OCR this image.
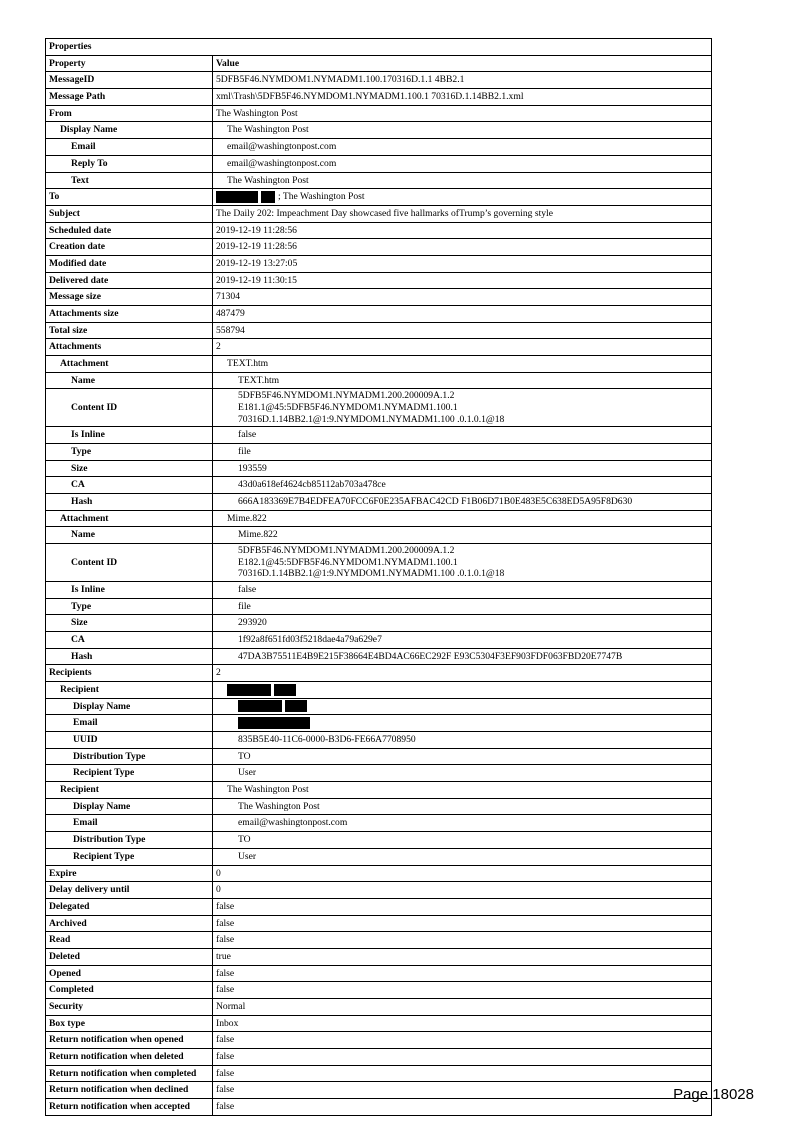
Properties	
Property	Value
MessageID	5DFB5F46.NYMDOM1.NYMADM1.100.170316D.1.1 4BB2.1
Message Path	xml\Trash\5DFB5F46.NYMDOM1.NYMADM1.100.1 70316D.1.14BB2.1.xml
From	The Washington Post
Display Name	The Washington Post
Email	email@washingtonpost.com
Reply To	email@washingtonpost.com
Text	The Washington Post
To	; The Washington Post
Subject	The Daily 202: Impeachment Day showcased five hallmarks ofTrump’s governing style
Scheduled date	2019-12-19 11:28:56
Creation date	2019-12-19 11:28:56
Modified date	2019-12-19 13:27:05
Delivered date	2019-12-19 11:30:15
Message size	71304
Attachments size	487479
Total size	558794
Attachments	2
Attachment	TEXT.htm
Name	TEXT.htm
Content ID	5DFB5F46.NYMDOM1.NYMADM1.200.200009A.1.2
E181.1@45:5DFB5F46.NYMDOM1.NYMADM1.100.1
70316D.1.14BB2.1@1:9.NYMDOM1.NYMADM1.100 .0.1.0.1@18

Is Inline	false
Type	file
Size	193559
CA	43d0a618ef4624cb85112ab703a478ce
Hash	666A183369E7B4EDFEA70FCC6F0E235AFBAC42CD F1B06D71B0E483E5C638ED5A95F8D630
Attachment	Mime.822
Name	Mime.822
Content ID	5DFB5F46.NYMDOM1.NYMADM1.200.200009A.1.2
E182.1@45:5DFB5F46.NYMDOM1.NYMADM1.100.1
70316D.1.14BB2.1@1:9.NYMDOM1.NYMADM1.100 .0.1.0.1@18

Is Inline	false
Type	file
Size	293920
CA	1f92a8f651fd03f5218dae4a79a629e7
Hash	47DA3B75511E4B9E215F38664E4BD4AC66EC292F E93C5304F3EF903FDF063FBD20E7747B
Recipients	2
Recipient	
Display Name	
Email	
UUID	835B5E40-11C6-0000-B3D6-FE66A7708950
Distribution Type	TO
Recipient Type	User
Recipient	The Washington Post
Display Name	The Washington Post
Email	email@washingtonpost.com
Distribution Type	TO
Recipient Type	User
Expire	0
Delay delivery until	0
Delegated	false
Archived	false
Read	false
Deleted	true
Opened	false
Completed	false
Security	Normal
Box type	Inbox
Return notification when opened	false
Return notification when deleted	false
Return notification when completed	false
Return notification when declined	false
Return notification when accepted	false
Page 18028
